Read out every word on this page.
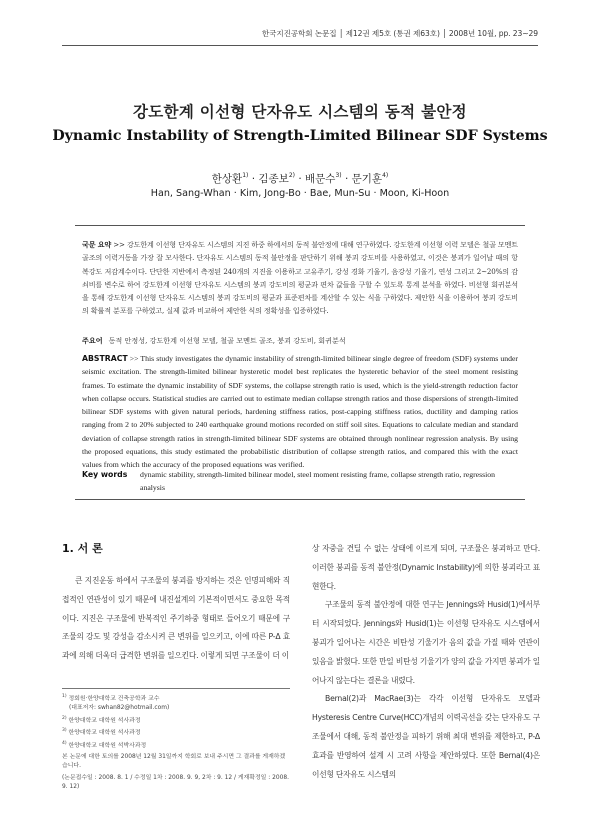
한국지진공학회 논문집 │ 제12권 제5호 (통권 제63호) │ 2008년 10월, pp. 23~29
강도한계 이선형 단자유도 시스템의 동적 불안정
Dynamic Instability of Strength-Limited Bilinear SDF Systems
한상환$^{1)}$ · 김종보$^{2)}$ · 배문수$^{3)}$ · 문기훈$^{4)}$
Han, Sang-Whan · Kim, Jong-Bo · Bae, Mun-Su · Moon, Ki-Hoon
국문 요약 >> 강도한계 이선형 단자유도 시스템의 지진 하중 하에서의 동적 불안정에 대해 연구하였다. 강도한계 이선형 이력 모델은 철골 모멘트 골조의 이력거동을 가장 잘 모사한다. 단자유도 시스템의 동적 불안정을 판단하기 위해 붕괴 강도비를 사용하였고, 이것은 붕괴가 일어날 때의 항복강도 저감계수이다. 단단한 지반에서 측정된 240개의 지진을 이용하고 고유주기, 강성 경화 기울기, 음강성 기울기, 연성 그리고 2~20%의 감쇠비를 변수로 하여 강도한계 이선형 단자유도 시스템의 붕괴 강도비의 평균과 편차 값들을 구할 수 있도록 통계 분석을 하였다. 비선형 회귀분석을 통해 강도한계 이선형 단자유도 시스템의 붕괴 강도비의 평균과 표준편차를 계산할 수 있는 식을 구하였다. 제안한 식을 이용하여 붕괴 강도비의 확률적 분포를 구하였고, 실제 값과 비교하여 제안한 식의 정확성을 입증하였다.
주요어 동적 안정성, 강도한계 이선형 모델, 철골 모멘트 골조, 붕괴 강도비, 회귀분석
ABSTRACT >> This study investigates the dynamic instability of strength-limited bilinear single degree of freedom (SDF) systems under seismic excitation. The strength-limited bilinear hysteretic model best replicates the hysteretic behavior of the steel moment resisting frames. To estimate the dynamic instability of SDF systems, the collapse strength ratio is used, which is the yield-strength reduction factor when collapse occurs. Statistical studies are carried out to estimate median collapse strength ratios and those dispersions of strength-limited bilinear SDF systems with given natural periods, hardening stiffness ratios, post-capping stiffness ratios, ductility and damping ratios ranging from 2 to 20% subjected to 240 earthquake ground motions recorded on stiff soil sites. Equations to calculate median and standard deviation of collapse strength ratios in strength-limited bilinear SDF systems are obtained through nonlinear regression analysis. By using the proposed equations, this study estimated the probabilistic distribution of collapse strength ratios, and compared this with the exact values from which the accuracy of the proposed equations was verified.
Key words dynamic stability, strength-limited bilinear model, steel moment resisting frame, collapse strength ratio, regression analysis
1. 서 론

큰 지진운동 하에서 구조물의 붕괴를 방지하는 것은 인명피해와 직접적인 연관성이 있기 때문에 내진설계의 기본적이면서도 중요한 목적이다. 지진은 구조물에 반복적인 주기하중 형태로 들어오기 때문에 구조물의 강도 및 강성을 감소시켜 큰 변위를 일으키고, 이에 따른 P-Δ 효과에 의해 더욱더 급격한 변위를 일으킨다. 이렇게 되면 구조물이 더 이

$^{1)}$ 정회원·한양대학교 건축공학과 교수
(대표저자: swhan82@hotmail.com)
$^{2)}$ 한양대학교 대학원 석사과정
$^{3)}$ 한양대학교 대학원 석사과정
$^{4)}$ 한양대학교 대학원 석박사과정
본 논문에 대한 토의를 2008년 12월 31일까지 학회로 보내 주시면 그 결과를 게재하겠습니다.
(논문접수일 : 2008. 8. 1 / 수정일 1차 : 2008. 9. 9, 2차 : 9. 12 / 게재확정일 : 2008. 9. 12)

상 자중을 견딜 수 없는 상태에 이르게 되며, 구조물은 붕괴하고 만다. 이러한 붕괴를 동적 불안정(Dynamic Instability)에 의한 붕괴라고 표현한다.

구조물의 동적 불안정에 대한 연구는 Jennings와 Husid(1)에서부터 시작되었다. Jennings와 Husid(1)는 이선형 단자유도 시스템에서 붕괴가 일어나는 시간은 비탄성 기울기가 음의 값을 가질 때와 연관이 있음을 밝혔다. 또한 만일 비탄성 기울기가 양의 값을 가지면 붕괴가 일어나지 않는다는 결론을 내렸다.

Bernal(2)과 MacRae(3)는 각각 이선형 단자유도 모델과 Hysteresis Centre Curve(HCC)개념의 이력곡선을 갖는 단자유도 구조물에서 대해, 동적 불안정을 피하기 위해 최대 변위를 제한하고, P-Δ 효과를 반영하여 설계 시 고려 사항을 제안하였다. 또한 Bernal(4)은 이선형 단자유도 시스템의
